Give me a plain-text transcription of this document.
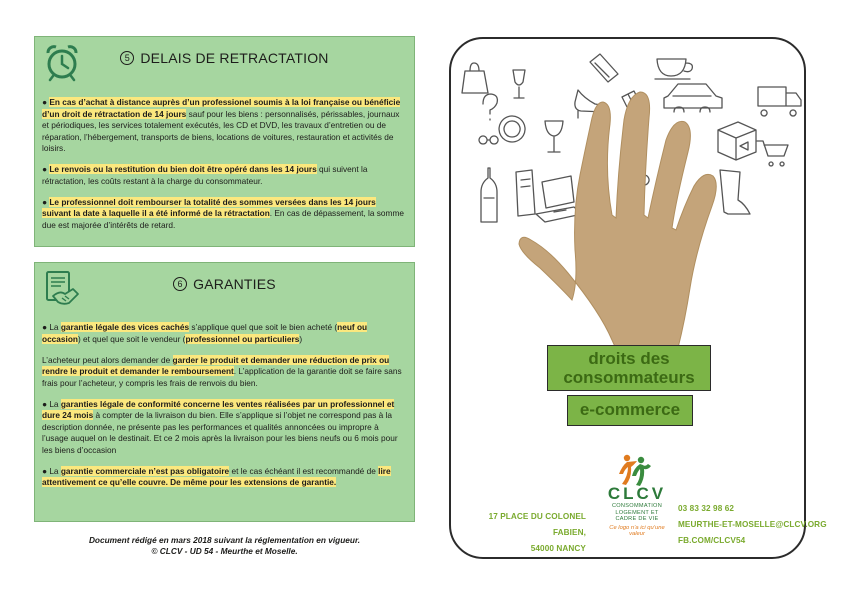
5 DELAIS DE RETRACTATION

● En cas d’achat à distance auprès d’un professionel soumis à la loi française ou bénéficie d’un droit de rétractation de 14 jours sauf pour les biens : personnalisés, périssables, journaux et périodiques, les services totalement exécutés, les CD et DVD, les travaux d’entretien ou de réparation, l’hébergement, transports de biens, locations de voitures, restauration et activités de loisirs.

● Le renvois ou la restitution du bien doit être opéré dans les 14 jours qui suivent la rétractation, les coûts restant à la charge du consommateur.

● Le professionnel doit rembourser la totalité des sommes versées dans les 14 jours suivant la date à laquelle il a été informé de la rétractation. En cas de dépassement, la somme due est majorée d’intérêts de retard.

6 GARANTIES

● La garantie légale des vices cachés s’applique quel que soit le bien acheté (neuf ou occasion) et quel que soit le vendeur (professionnel ou particuliers)

L’acheteur peut alors demander de garder le produit et demander une réduction de prix ou rendre le produit et demander le remboursement. L’application de la garantie doit se faire sans frais pour l’acheteur, y compris les frais de renvois du bien.

● La garanties légale de conformité concerne les ventes réalisées par un professionnel et dure 24 mois à compter de la livraison du bien. Elle s’applique si l’objet ne correspond pas à la description donnée, ne présente pas les performances et qualités annoncées ou impropre à l’usage auquel on le destinait. Et ce 2 mois après la livraison pour les biens neufs ou 6 mois pour les biens d’occasion

● La garantie commerciale n’est pas obligatoire et le cas échéant il est recommandé de lire attentivement ce qu’elle couvre. De même pour les extensions de garantie.

Document rédigé en mars 2018 suivant la réglementation en vigueur.
© CLCV - UD 54 - Meurthe et Moselle.
droits des
consommateurs
e-commerce
17 PLACE DU COLONEL FABIEN,
54000 NANCY
CLCV
CONSOMMATION
LOGEMENT ET
CADRE DE VIE
Ce logo n’a ici qu’une valeur
03 83 32 98 62
MEURTHE-ET-MOSELLE@CLCV.ORG
FB.COM/CLCV54
